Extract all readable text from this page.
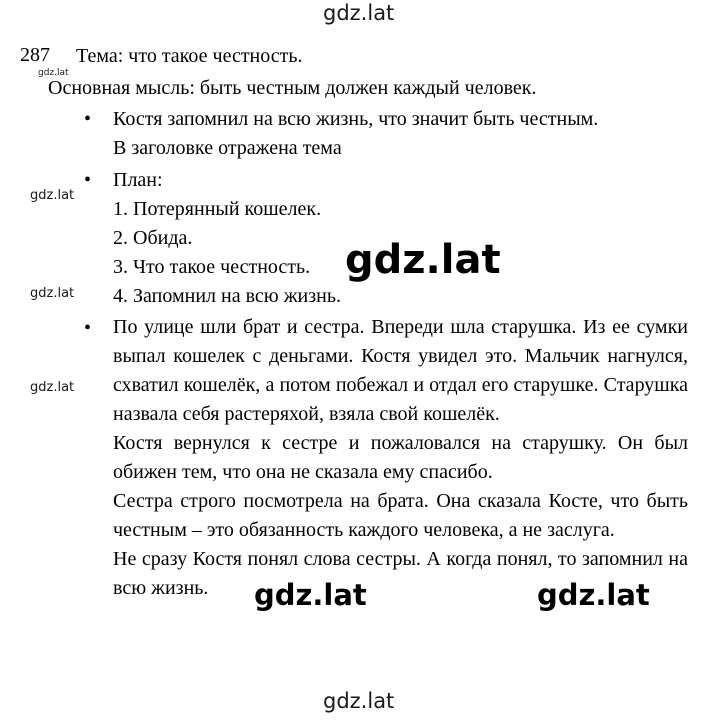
gdz.lat
gdz.lat
gdz.lat
gdz.lat
gdz.lat
gdz.lat
287 Тема: что такое честность.
Основная мысль: быть честным должен каждый человек.
• Костя запомнил на всю жизнь, что значит быть честным.
В заголовке отражена тема
• План:
1. Потерянный кошелек.
2. Обида.
3. Что такое честность.
4. Запомнил на всю жизнь.
gdz.lat
• По улице шли брат и сестра. Впереди шла старушка. Из ее сумки выпал кошелек с деньгами. Костя увидел это. Мальчик нагнулся, схватил кошелёк, а потом побежал и отдал его старушке. Старушка назвала себя растеряхой, взяла свой кошелёк.

Костя вернулся к сестре и пожаловался на старушку. Он был обижен тем, что она не сказала ему спасибо.

Сестра строго посмотрела на брата. Она сказала Косте, что быть честным – это обязанность каждого человека, а не заслуга.

Не сразу Костя понял слова сестры. А когда понял, то запомнил на всю жизнь.	gdz.lat	gdz.lat
